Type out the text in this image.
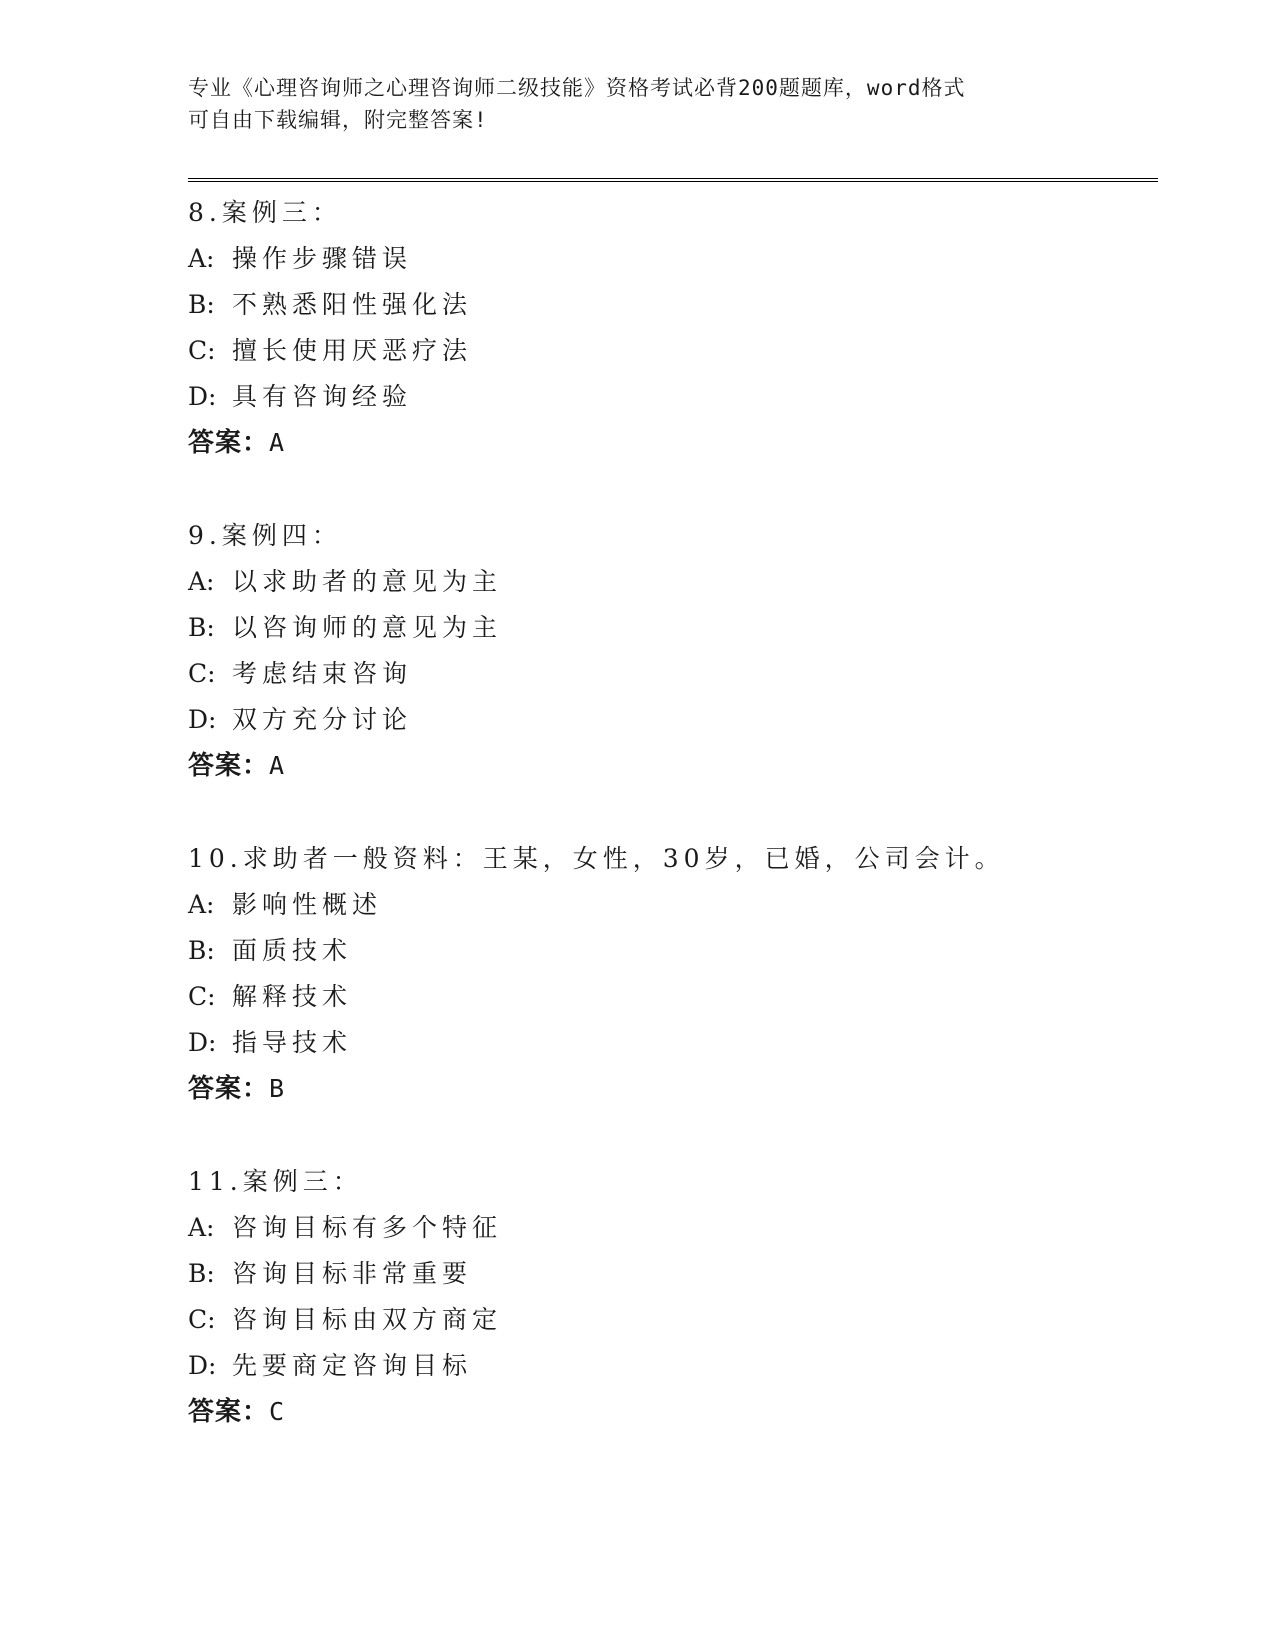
专业《心理咨询师之心理咨询师二级技能》资格考试必背200题题库，word格式
可自由下载编辑，附完整答案!
8.案例三：
A: 操作步骤错误
B: 不熟悉阳性强化法
C: 擅长使用厌恶疗法
D: 具有咨询经验
答案：A
9.案例四：
A: 以求助者的意见为主
B: 以咨询师的意见为主
C: 考虑结束咨询
D: 双方充分讨论
答案：A
10.求助者一般资料：王某，女性，30岁，已婚，公司会计。
A: 影响性概述
B: 面质技术
C: 解释技术
D: 指导技术
答案：B
11.案例三：
A: 咨询目标有多个特征
B: 咨询目标非常重要
C: 咨询目标由双方商定
D: 先要商定咨询目标
答案：C
